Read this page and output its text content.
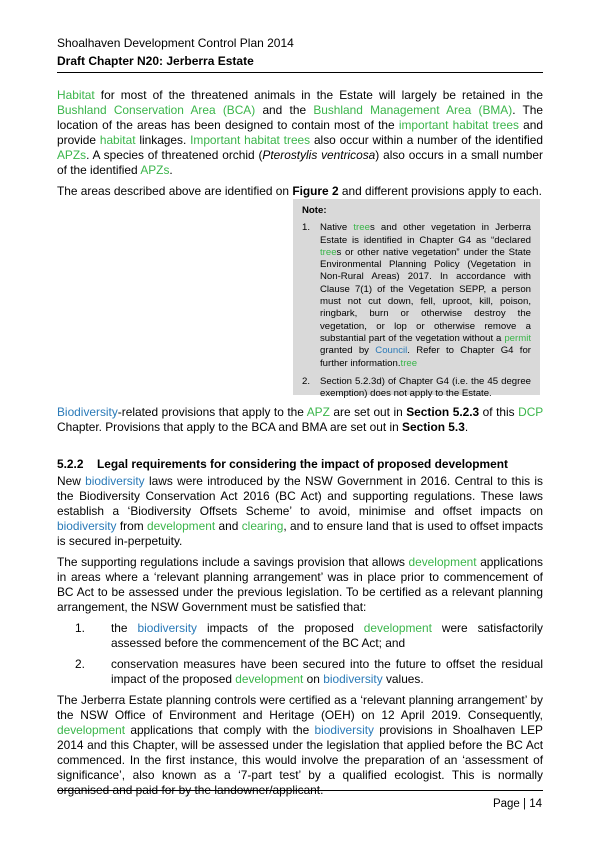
Shoalhaven Development Control Plan 2014
Draft Chapter N20: Jerberra Estate

Habitat for most of the threatened animals in the Estate will largely be retained in the Bushland Conservation Area (BCA) and the Bushland Management Area (BMA). The location of the areas has been designed to contain most of the important habitat trees and provide habitat linkages. Important habitat trees also occur within a number of the identified APZs. A species of threatened orchid (Pterostylis ventricosa) also occurs in a small number of the identified APZs.

The areas described above are identified on Figure 2 and different provisions apply to each.

Note:
1.	Native trees and other vegetation in Jerberra Estate is identified in Chapter G4 as “declared trees or other native vegetation” under the State Environmental Planning Policy (Vegetation in Non-Rural Areas) 2017. In accordance with Clause 7(1) of the Vegetation SEPP, a person must not cut down, fell, uproot, kill, poison, ringbark, burn or otherwise destroy the vegetation, or lop or otherwise remove a substantial part of the vegetation without a permit granted by Council. Refer to Chapter G4 for further information.tree
2.	Section 5.2.3d) of Chapter G4 (i.e. the 45 degree exemption) does not apply to the Estate.

Biodiversity-related provisions that apply to the APZ are set out in Section 5.2.3 of this DCP Chapter. Provisions that apply to the BCA and BMA are set out in Section 5.3.

5.2.2 Legal requirements for considering the impact of proposed development

New biodiversity laws were introduced by the NSW Government in 2016. Central to this is the Biodiversity Conservation Act 2016 (BC Act) and supporting regulations. These laws establish a ‘Biodiversity Offsets Scheme’ to avoid, minimise and offset impacts on biodiversity from development and clearing, and to ensure land that is used to offset impacts is secured in-perpetuity.

The supporting regulations include a savings provision that allows development applications in areas where a ‘relevant planning arrangement’ was in place prior to commencement of BC Act to be assessed under the previous legislation. To be certified as a relevant planning arrangement, the NSW Government must be satisfied that:

1.	the biodiversity impacts of the proposed development were satisfactorily assessed before the commencement of the BC Act; and
2.	conservation measures have been secured into the future to offset the residual impact of the proposed development on biodiversity values.

The Jerberra Estate planning controls were certified as a ‘relevant planning arrangement’ by the NSW Office of Environment and Heritage (OEH) on 12 April 2019. Consequently, development applications that comply with the biodiversity provisions in Shoalhaven LEP 2014 and this Chapter, will be assessed under the legislation that applied before the BC Act commenced. In the first instance, this would involve the preparation of an ‘assessment of significance’, also known as a ‘7-part test’ by a qualified ecologist. This is normally organised and paid for by the landowner/applicant.

Page | 14
